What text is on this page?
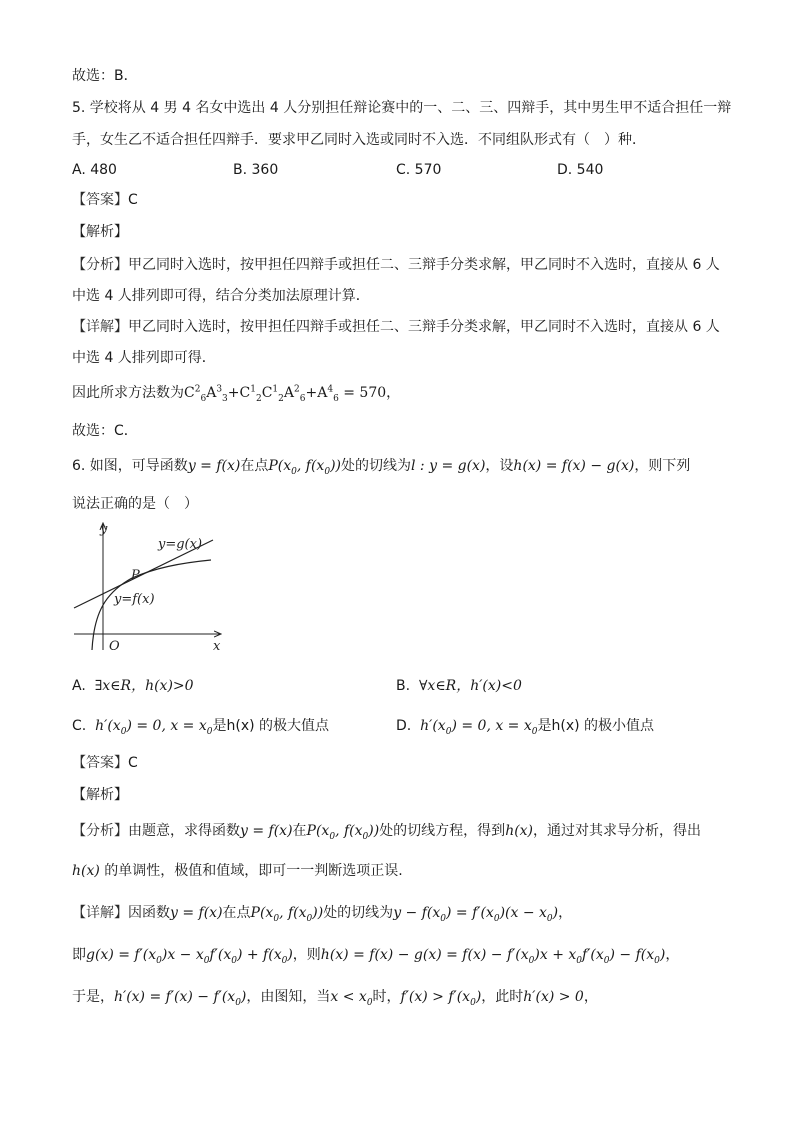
故选：B．
5. 学校将从 4 男 4 名女中选出 4 人分别担任辩论赛中的一、二、三、四辩手，其中男生甲不适合担任一辩
手，女生乙不适合担任四辩手．要求甲乙同时入选或同时不入选．不同组队形式有（　）种．
A. 480	B. 360	C. 570	D. 540
【答案】C
【解析】
【分析】甲乙同时入选时，按甲担任四辩手或担任二、三辩手分类求解，甲乙同时不入选时，直接从 6 人
中选 4 人排列即可得，结合分类加法原理计算．
【详解】甲乙同时入选时，按甲担任四辩手或担任二、三辩手分类求解，甲乙同时不入选时，直接从 6 人
中选 4 人排列即可得．
因此所求方法数为$C^2_6A^3_3+C^1_2C^1_2A^2_6+A^4_6 = 570$，
故选：C．
6. 如图，可导函数y = f(x)在点$P(x_0$, $f(x_0)$)处的切线为l : y = g(x)，设h(x) = f(x) − g(x)，则下列
说法正确的是（　）
y
x
O
P
y=g(x)
y=f(x)
A. ∃x∈R，h(x)>0	B. ∀x∈R，h′(x)<0
C. $h'(x_0) = 0$, $x = x_0$是h(x) 的极大值点	D. $h'(x_0) = 0$, $x = x_0$是h(x) 的极小值点
【答案】C
【解析】
【分析】由题意，求得函数y = f(x)在$P(x_0$, $f(x_0)$)处的切线方程，得到h(x)，通过对其求导分析，得出
h(x) 的单调性，极值和值域，即可一一判断选项正误.
【详解】因函数y = f(x)在点$P(x_0$, $f(x_0)$)处的切线为$y - f(x_0) = f'(x_0)(x - x_0)$，
即$g(x) = f'(x_0)x - x_0f'(x_0) + f(x_0)$，则$h(x) = f(x) - g(x) = f(x) - f'(x_0)x + x_0f'(x_0) - f(x_0)$，
于是，$h'(x) = f'(x) - f'(x_0)$，由图知，当$x < x_0$时，$f'(x) > f'(x_0)$，此时h′(x) > 0，
